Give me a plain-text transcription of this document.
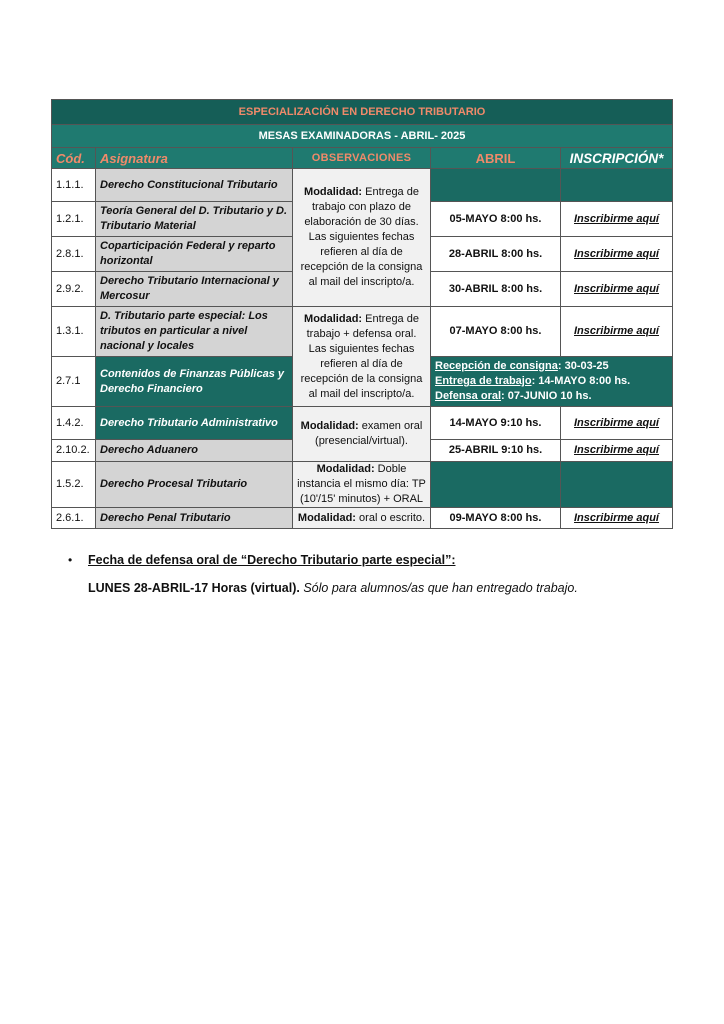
ESPECIALIZACIÓN EN DERECHO TRIBUTARIO				
MESAS EXAMINADORAS - ABRIL- 2025				
Cód.	Asignatura	OBSERVACIONES	ABRIL	INSCRIPCIÓN*
1.1.1.	Derecho Constitucional Tributario	Modalidad: Entrega de trabajo con plazo de elaboración de 30 días. Las siguientes fechas refieren al día de recepción de la consigna al mail del inscripto/a.		
1.2.1.	Teoría General del D. Tributario y D. Tributario Material		05-MAYO 8:00 hs.	Inscribirme aquí
2.8.1.	Coparticipación Federal y reparto horizontal		28-ABRIL 8:00 hs.	Inscribirme aquí
2.9.2.	Derecho Tributario Internacional y Mercosur		30-ABRIL 8:00 hs.	Inscribirme aquí
1.3.1.	D. Tributario parte especial: Los tributos en particular a nivel nacional y locales	Modalidad: Entrega de trabajo + defensa oral. Las siguientes fechas refieren al día de recepción de la consigna al mail del inscripto/a.	07-MAYO 8:00 hs.	Inscribirme aquí
2.7.1	Contenidos de Finanzas Públicas y Derecho Financiero		Recepción de consigna: 30-03-25
Entrega de trabajo: 14-MAYO 8:00 hs.
Defensa oral: 07-JUNIO 10 hs.	

1.4.2.	Derecho Tributario Administrativo	Modalidad: examen oral (presencial/virtual).	14-MAYO 9:10 hs.	Inscribirme aquí
2.10.2.	Derecho Aduanero		25-ABRIL 9:10 hs.	Inscribirme aquí
1.5.2.	Derecho Procesal Tributario	Modalidad: Doble instancia el mismo día: TP (10'/15' minutos) + ORAL		
2.6.1.	Derecho Penal Tributario	Modalidad: oral o escrito.	09-MAYO 8:00 hs.	Inscribirme aquí
• Fecha de defensa oral de “Derecho Tributario parte especial”:
LUNES 28-ABRIL-17 Horas (virtual). Sólo para alumnos/as que han entregado trabajo.
